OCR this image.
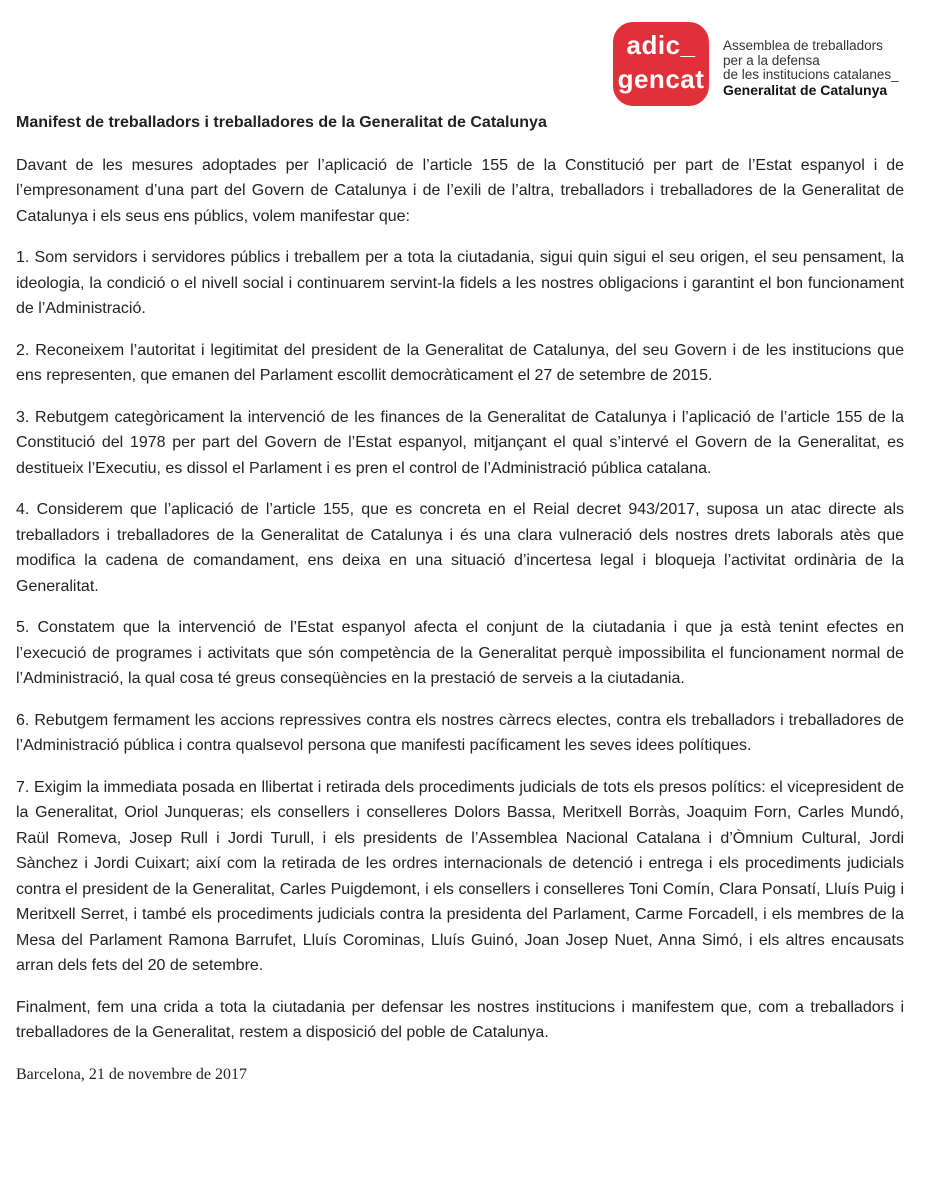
adic_
gencat
Assemblea de treballadors
per a la defensa
de les institucions catalanes_
Generalitat de Catalunya
Manifest de treballadors i treballadores de la Generalitat de Catalunya

Davant de les mesures adoptades per l’aplicació de l’article 155 de la Constitució per part de l’Estat espanyol i de l’empresonament d’una part del Govern de Catalunya i de l’exili de l’altra, treballadors i treballadores de la Generalitat de Catalunya i els seus ens públics, volem manifestar que:

1. Som servidors i servidores públics i treballem per a tota la ciutadania, sigui quin sigui el seu origen, el seu pensament, la ideologia, la condició o el nivell social i continuarem servint-la fidels a les nostres obligacions i garantint el bon funcionament de l’Administració.

2. Reconeixem l’autoritat i legitimitat del president de la Generalitat de Catalunya, del seu Govern i de les institucions que ens representen, que emanen del Parlament escollit democràticament el 27 de setembre de 2015.

3. Rebutgem categòricament la intervenció de les finances de la Generalitat de Catalunya i l’aplicació de l’article 155 de la Constitució del 1978 per part del Govern de l’Estat espanyol, mitjançant el qual s’intervé el Govern de la Generalitat, es destitueix l’Executiu, es dissol el Parlament i es pren el control de l’Administració pública catalana.

4. Considerem que l’aplicació de l’article 155, que es concreta en el Reial decret 943/2017, suposa un atac directe als treballadors i treballadores de la Generalitat de Catalunya i és una clara vulneració dels nostres drets laborals atès que modifica la cadena de comandament, ens deixa en una situació d’incertesa legal i bloqueja l’activitat ordinària de la Generalitat.

5. Constatem que la intervenció de l’Estat espanyol afecta el conjunt de la ciutadania i que ja està tenint efectes en l’execució de programes i activitats que són competència de la Generalitat perquè impossibilita el funcionament normal de l’Administració, la qual cosa té greus conseqüències en la prestació de serveis a la ciutadania.

6. Rebutgem fermament les accions repressives contra els nostres càrrecs electes, contra els treballadors i treballadores de l’Administració pública i contra qualsevol persona que manifesti pacíficament les seves idees polítiques.

7. Exigim la immediata posada en llibertat i retirada dels procediments judicials de tots els presos polítics: el vicepresident de la Generalitat, Oriol Junqueras; els consellers i conselleres Dolors Bassa, Meritxell Borràs, Joaquim Forn, Carles Mundó, Raül Romeva, Josep Rull i Jordi Turull, i els presidents de l’Assemblea Nacional Catalana i d’Òmnium Cultural, Jordi Sànchez i Jordi Cuixart; així com la retirada de les ordres internacionals de detenció i entrega i els procediments judicials contra el president de la Generalitat, Carles Puigdemont, i els consellers i conselleres Toni Comín, Clara Ponsatí, Lluís Puig i Meritxell Serret, i també els procediments judicials contra la presidenta del Parlament, Carme Forcadell, i els membres de la Mesa del Parlament Ramona Barrufet, Lluís Corominas, Lluís Guinó, Joan Josep Nuet, Anna Simó, i els altres encausats arran dels fets del 20 de setembre.

Finalment, fem una crida a tota la ciutadania per defensar les nostres institucions i manifestem que, com a treballadors i treballadores de la Generalitat, restem a disposició del poble de Catalunya.

Barcelona, 21 de novembre de 2017
